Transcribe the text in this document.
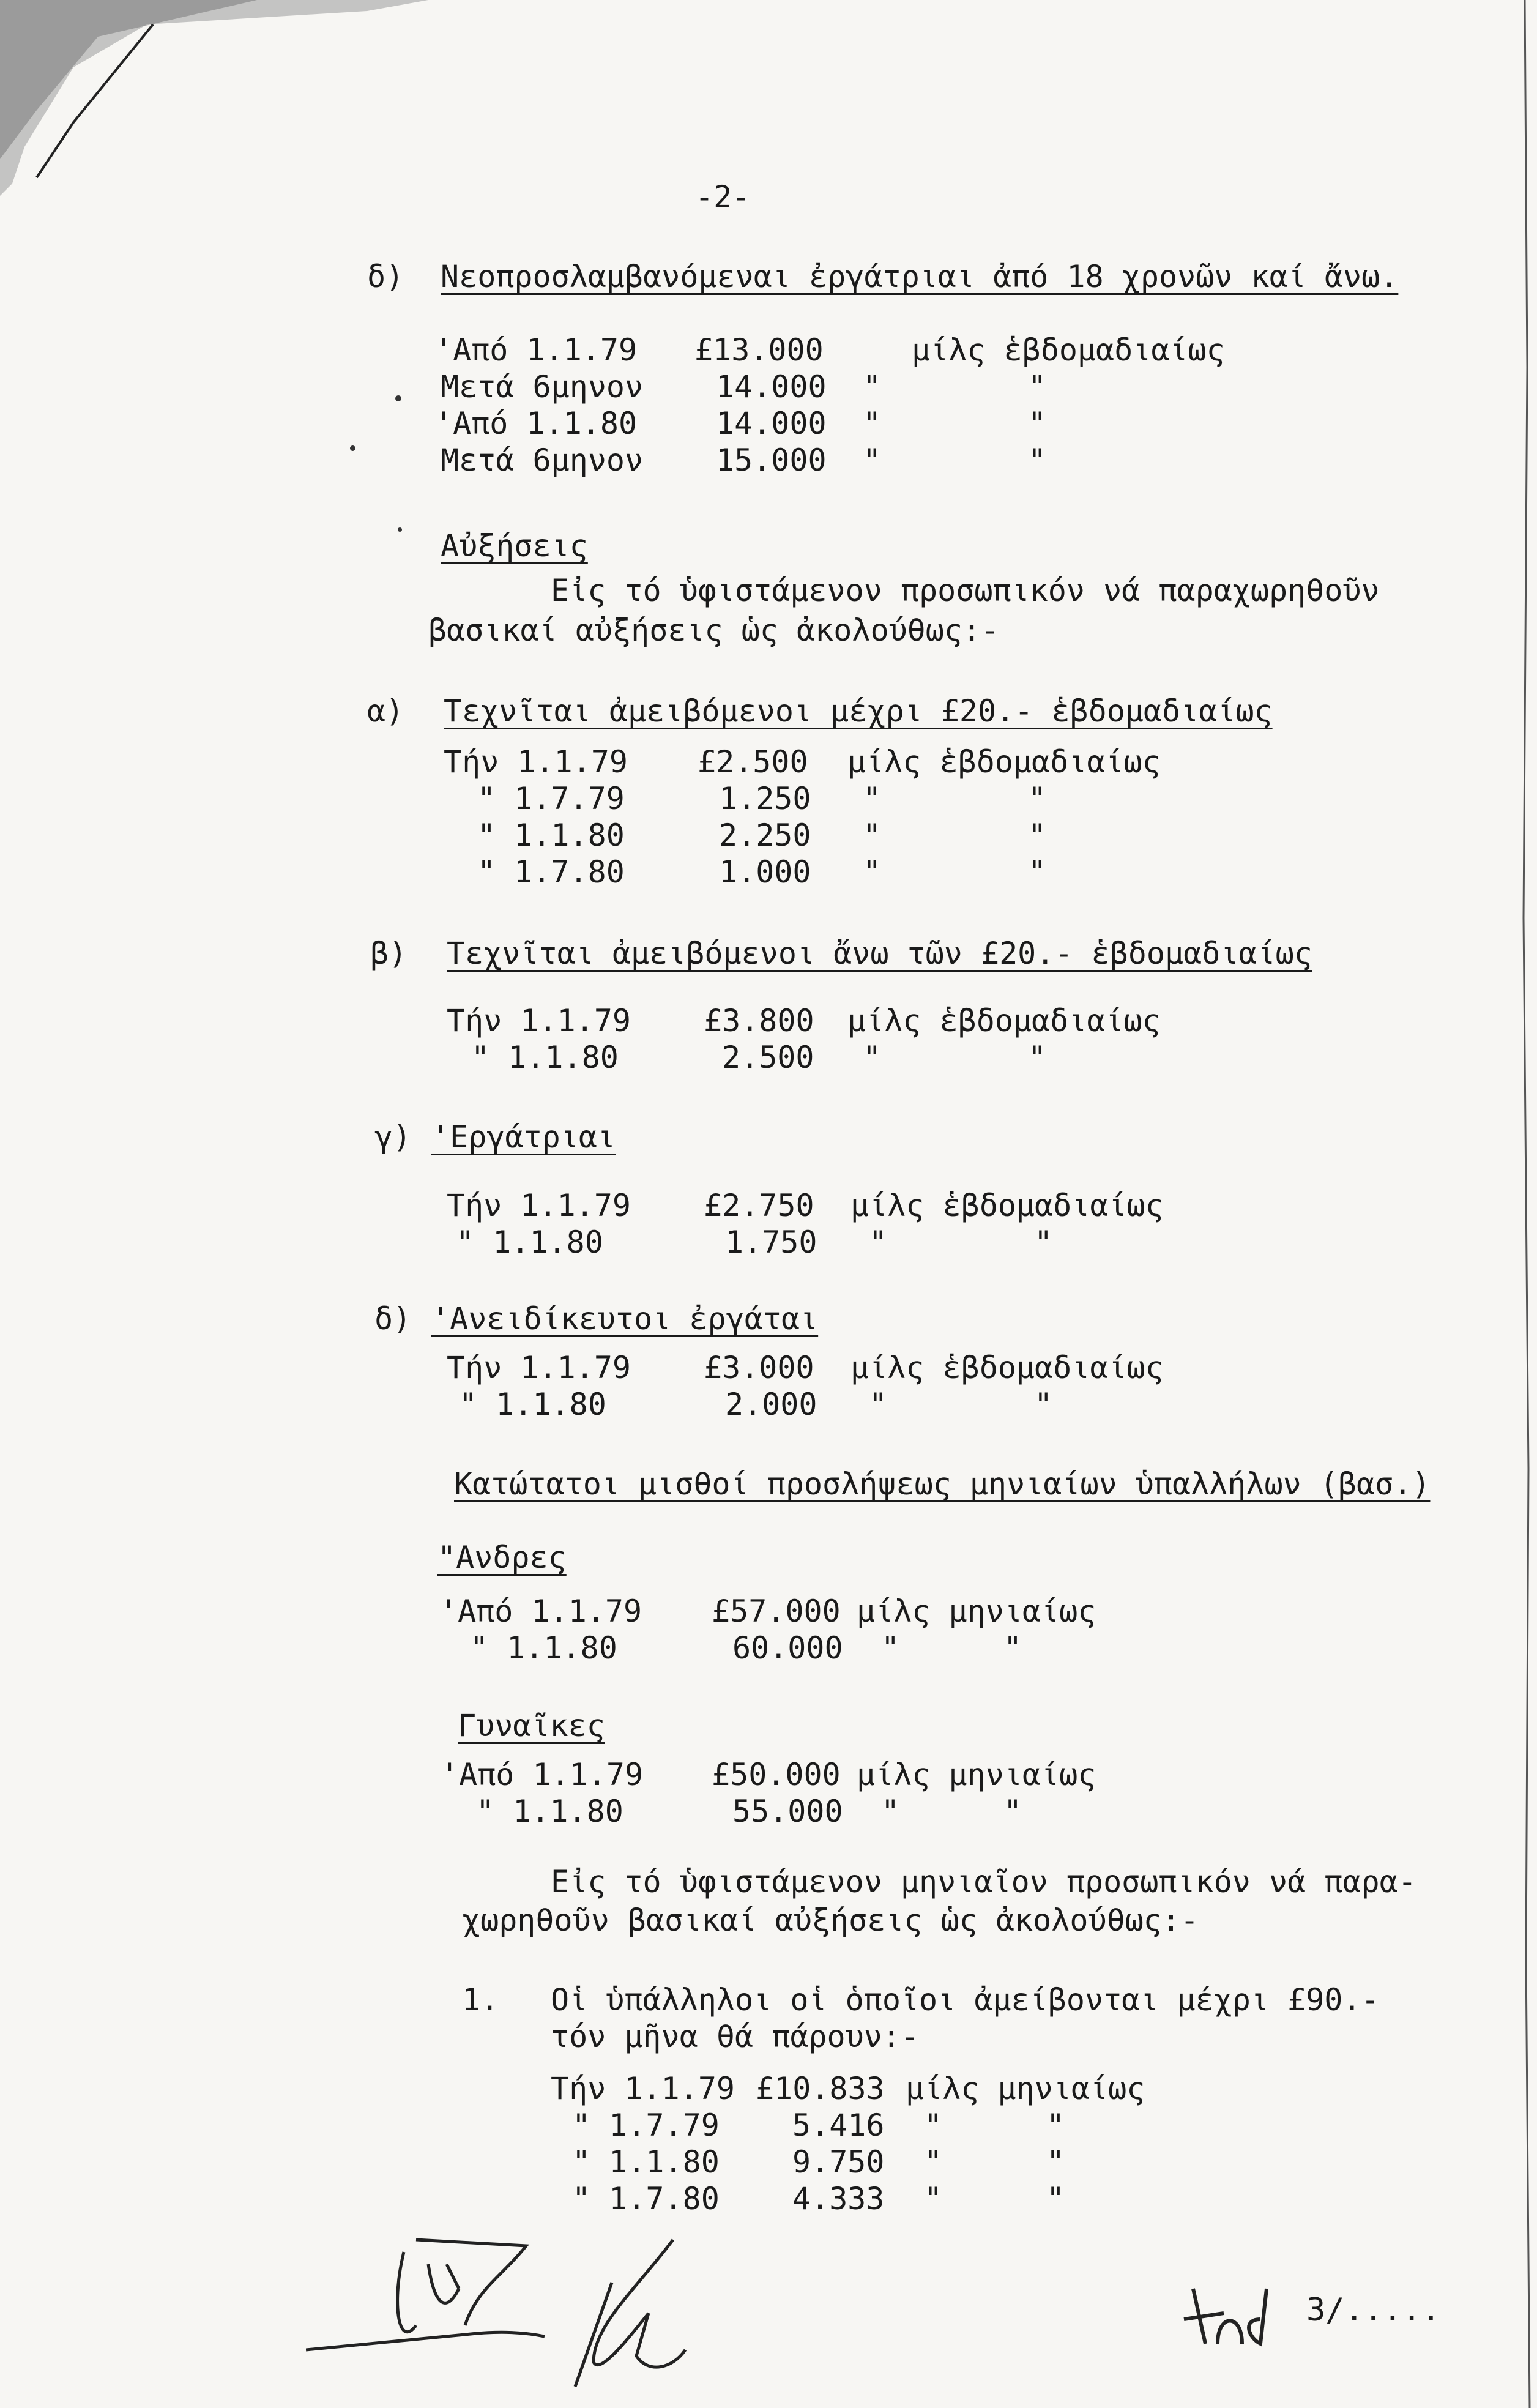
-2-
δ) Νεοπροσλαμβανόμεναι ἐργάτριαι ἀπό 18 χρονῶν καί ἄνω.
'Από 1.1.79 £13.000	μίλς ἑβδομαδιαίως
Μετά 6μηνον 14.000 "	"
'Από 1.1.80	14.000 "	"
Μετά 6μηνον 15.000 "	"
Αὐξήσεις
Εἰς τό ὑφιστάμενον προσωπικόν νά παραχωρηθοῦν
βασικαί αὐξήσεις ὡς ἀκολούθως:-
α) Τεχνῖται ἀμειβόμενοι μέχρι £20.- ἑβδομαδιαίως
Τήν 1.1.79 £2.500 μίλς ἑβδομαδιαίως
" 1.7.79	1.250 "	"
" 1.1.80	2.250 "	"
" 1.7.80	1.000 "	"
β) Τεχνῖται ἀμειβόμενοι ἄνω τῶν £20.- ἑβδομαδιαίως
Τήν 1.1.79 £3.800 μίλς ἑβδομαδιαίως
" 1.1.80	2.500 "	"
γ) 'Εργάτριαι
Τήν 1.1.79 £2.750 μίλς ἑβδομαδιαίως
" 1.1.80	1.750 "	"
δ) 'Ανειδίκευτοι ἐργάται
Τήν 1.1.79 £3.000 μίλς ἑβδομαδιαίως
" 1.1.80	2.000 "	"
Κατώτατοι μισθοί προσλήψεως μηνιαίων ὑπαλλήλων (βασ.)
"Ανδρες
'Από 1.1.79 £57.000 μίλς μηνιαίως
" 1.1.80	60.000 "	"
Γυναῖκες
'Από 1.1.79 £50.000 μίλς μηνιαίως
" 1.1.80	55.000 "	"
Εἰς τό ὑφιστάμενον μηνιαῖον προσωπικόν νά παρα-
χωρηθοῦν βασικαί αὐξήσεις ὡς ἀκολούθως:-
1. Οἱ ὑπάλληλοι οἱ ὁποῖοι ἀμείβονται μέχρι £90.-
τόν μῆνα θά πάρουν:-
Τήν 1.1.79 £10.833 μίλς μηνιαίως
" 1.7.79 5.416 "	"
" 1.1.80 9.750 "	"
" 1.7.80 4.333 "	"
3/.....
